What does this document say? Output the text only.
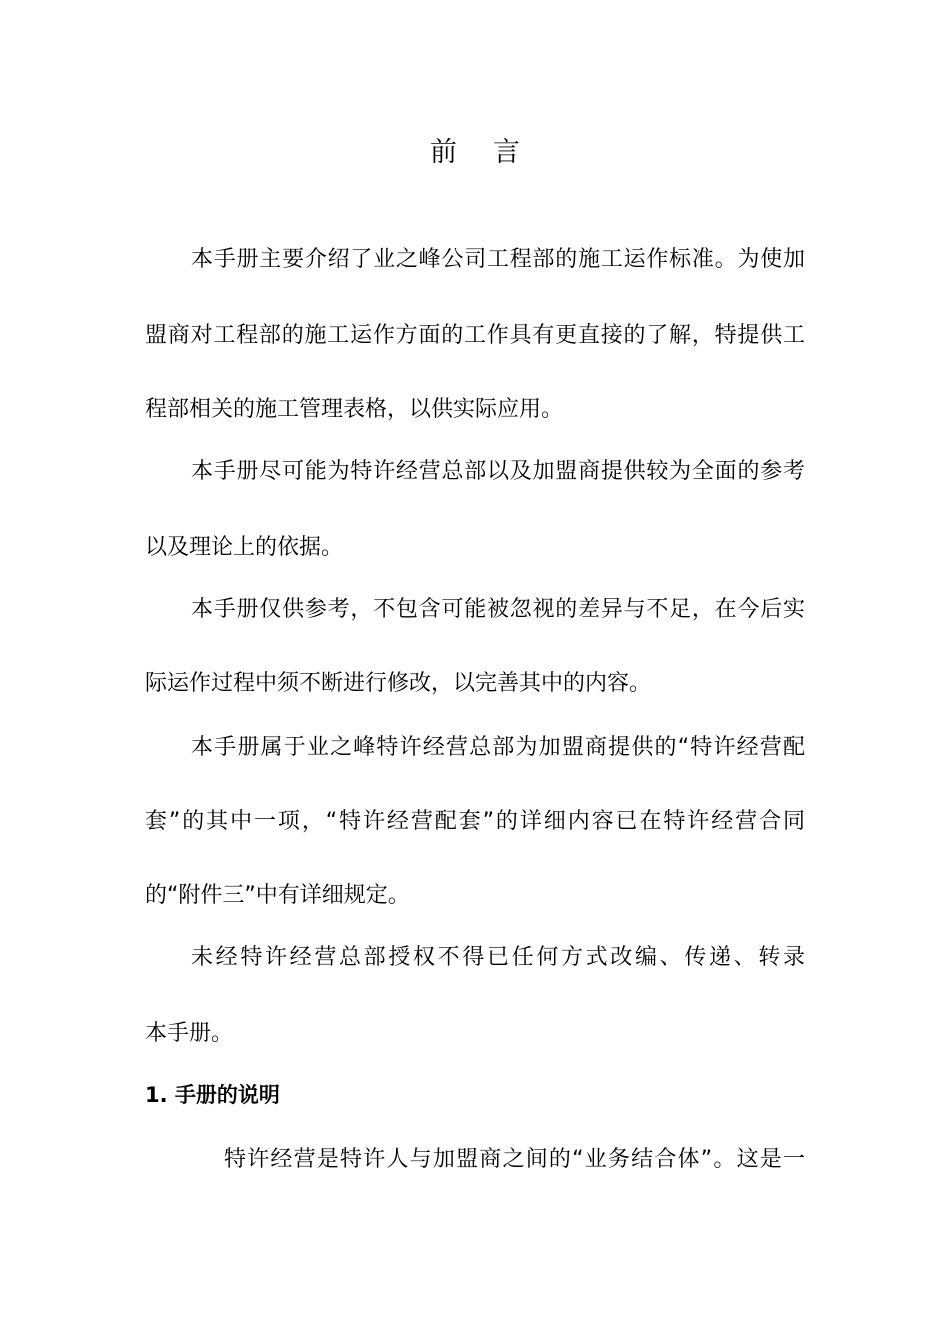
前言
本手册主要介绍了业之峰公司工程部的施工运作标准。为使加
盟商对工程部的施工运作方面的工作具有更直接的了解，特提供工
程部相关的施工管理表格，以供实际应用。
本手册尽可能为特许经营总部以及加盟商提供较为全面的参考
以及理论上的依据。
本手册仅供参考，不包含可能被忽视的差异与不足，在今后实
际运作过程中须不断进行修改，以完善其中的内容。
本手册属于业之峰特许经营总部为加盟商提供的“特许经营配
套”的其中一项，“特许经营配套”的详细内容已在特许经营合同
的“附件三”中有详细规定。
未经特许经营总部授权不得已任何方式改编、传递、转录
本手册。
1. 手册的说明
特许经营是特许人与加盟商之间的“业务结合体”。这是一
